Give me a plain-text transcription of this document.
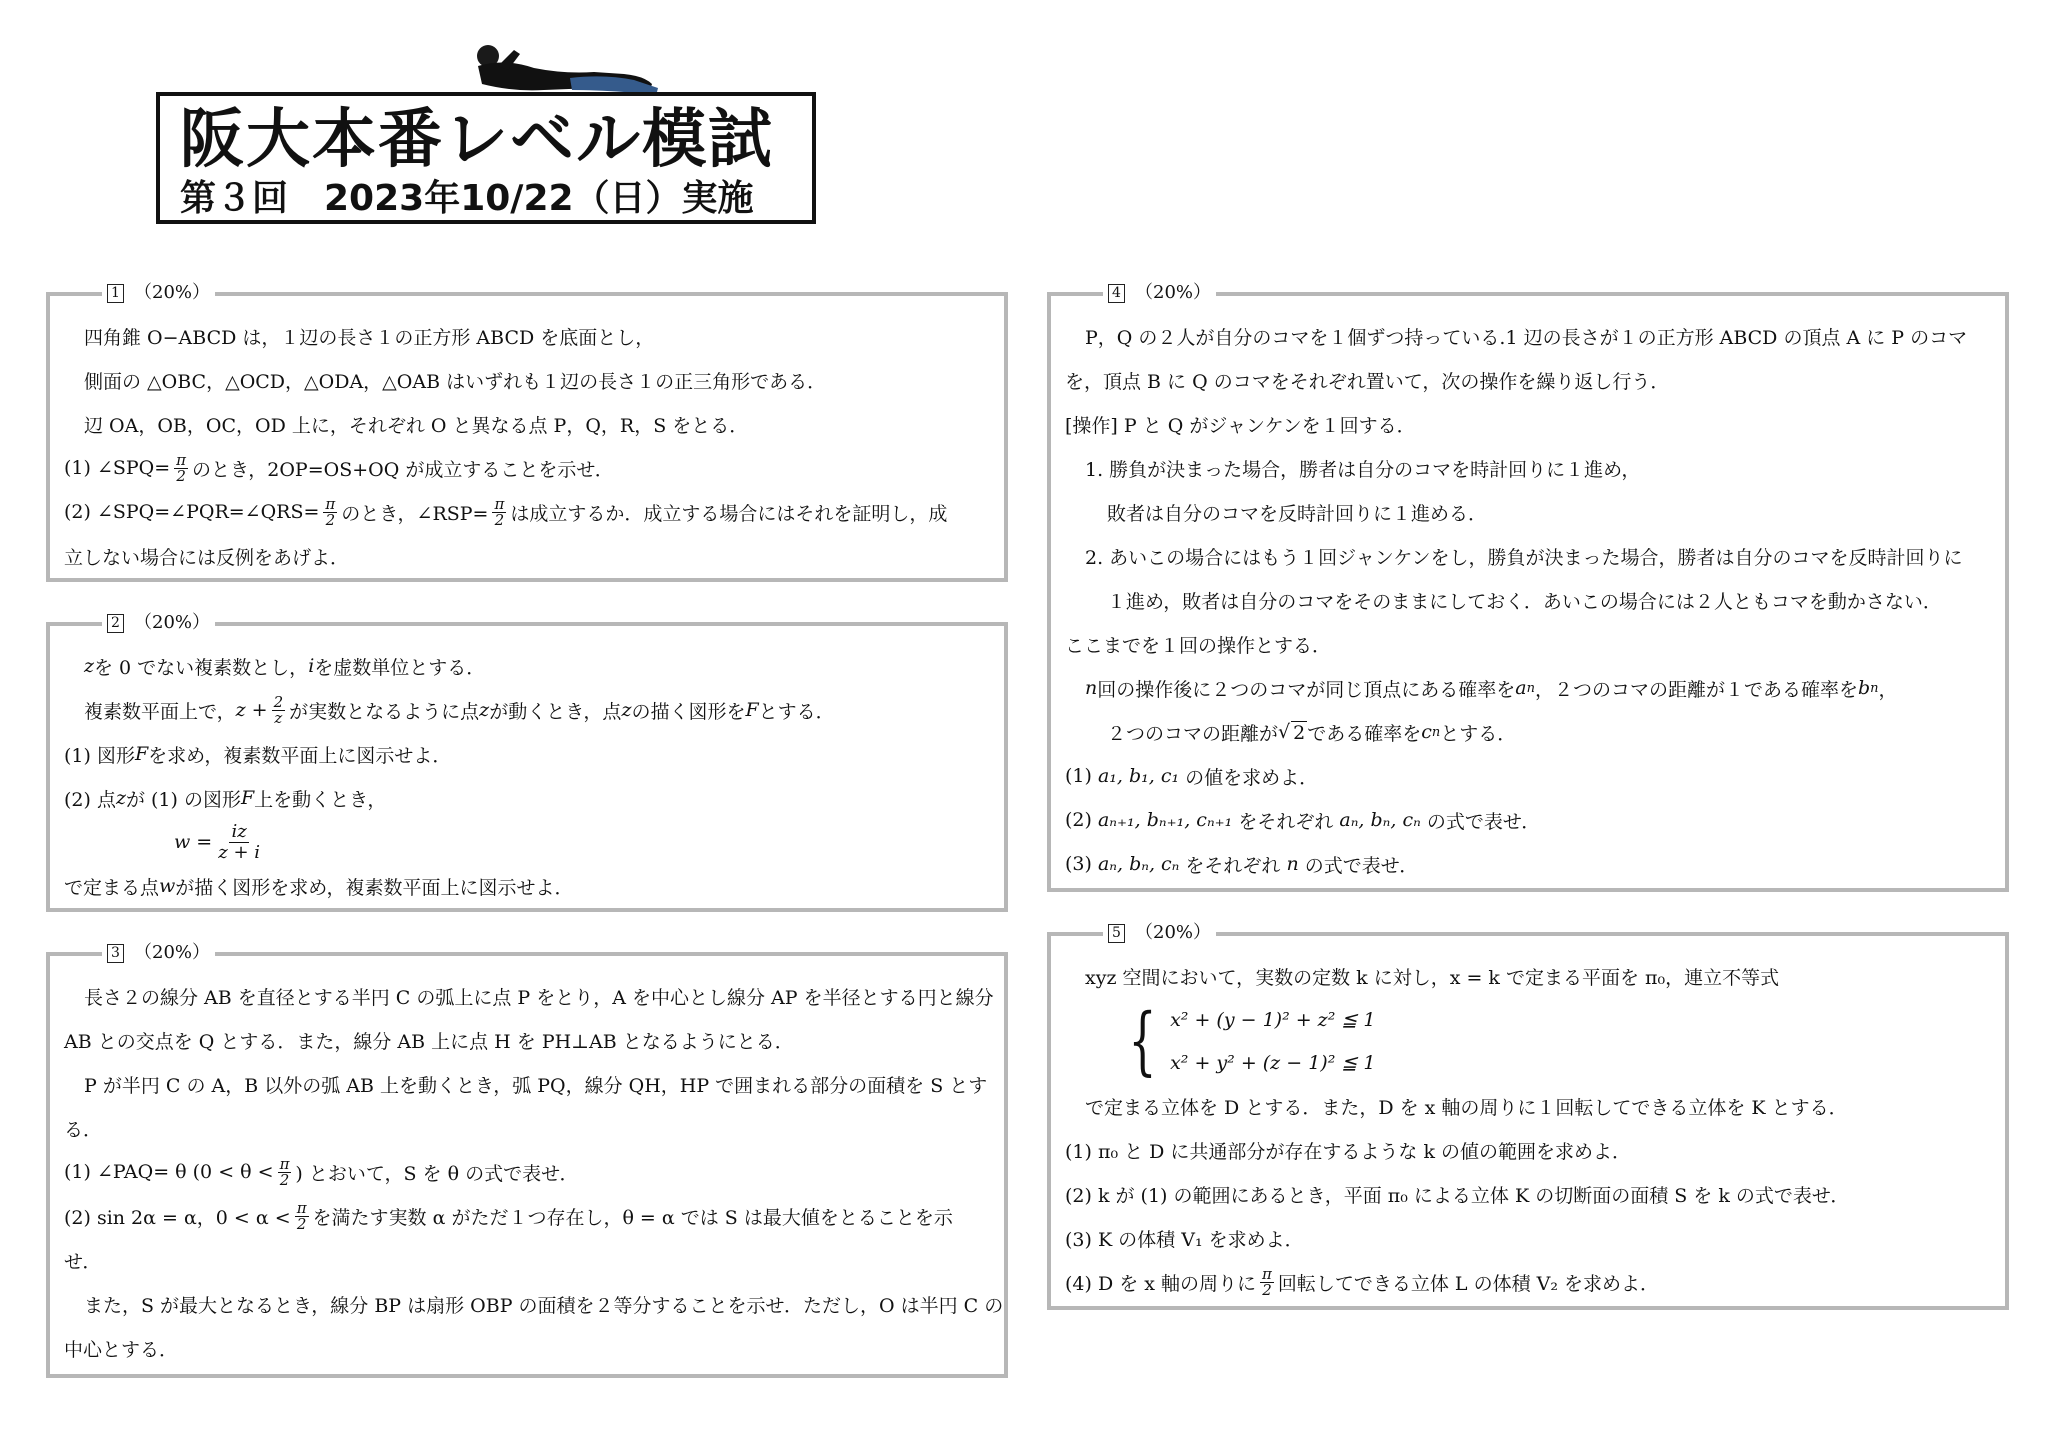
阪大本番レベル模試
第３回　2023年10/22（日）実施
1 （20%）
四角錐 O−ABCD は，１辺の長さ１の正方形 ABCD を底面とし，
側面の △OBC，△OCD，△ODA，△OAB はいずれも１辺の長さ１の正三角形である．
辺 OA，OB，OC，OD 上に，それぞれ O と異なる点 P，Q，R，S をとる．
(1) ∠SPQ= $\frac{\pi}{2}$ のとき，2OP=OS+OQ が成立することを示せ．
(2) ∠SPQ=∠PQR=∠QRS= $\frac{\pi}{2}$ のとき，∠RSP= $\frac{\pi}{2}$ は成立するか．成立する場合にはそれを証明し，成
立しない場合には反例をあげよ．
2 （20%）
z を 0 でない複素数とし， i を虚数単位とする．
複素数平面上で， $z + \frac{2}{z}$ が実数となるように点 z が動くとき，点 z の描く図形を F とする．
(1) 図形 F を求め，複素数平面上に図示せよ．
(2) 点 z が (1) の図形 F 上を動くとき，
$w = \frac{iz}{z + i}$
で定まる点 w が描く図形を求め，複素数平面上に図示せよ．
3 （20%）
長さ２の線分 AB を直径とする半円 C の弧上に点 P をとり，A を中心とし線分 AP を半径とする円と線分
AB との交点を Q とする．また，線分 AB 上に点 H を PH⊥AB となるようにとる．
P が半円 C の A，B 以外の弧 AB 上を動くとき，弧 PQ，線分 QH，HP で囲まれる部分の面積を S とす
る．
(1) ∠PAQ= θ ($0 < \theta < \frac{\pi}{2}$ ) とおいて，S を θ の式で表せ．
(2) sin 2α = α，$0 < \alpha < \frac{\pi}{2}$ を満たす実数 α がただ１つ存在し，θ = α では S は最大値をとることを示
せ．
また，S が最大となるとき，線分 BP は扇形 OBP の面積を２等分することを示せ．ただし，O は半円 C の
中心とする．
4 （20%）
P，Q の２人が自分のコマを１個ずつ持っている.1 辺の長さが１の正方形 ABCD の頂点 A に P のコマ
を，頂点 B に Q のコマをそれぞれ置いて，次の操作を繰り返し行う．
[操作] P と Q がジャンケンを１回する．
1. 勝負が決まった場合，勝者は自分のコマを時計回りに１進め，
敗者は自分のコマを反時計回りに１進める．
2. あいこの場合にはもう１回ジャンケンをし，勝負が決まった場合，勝者は自分のコマを反時計回りに
１進め，敗者は自分のコマをそのままにしておく．あいこの場合には２人ともコマを動かさない．
ここまでを１回の操作とする．
n 回の操作後に２つのコマが同じ頂点にある確率を a n ，２つのコマの距離が１である確率を b n ，
２つのコマの距離が √ 2 である確率を c n とする．
(1)
a₁, b₁, c₁
の値を求めよ．
(2)
aₙ₊₁, bₙ₊₁, cₙ₊₁
をそれぞれ
aₙ, bₙ, cₙ
の式で表せ．
(3)
aₙ, bₙ, cₙ
をそれぞれ
n
の式で表せ．
5 （20%）
xyz 空間において，実数の定数 k に対し，x = k で定まる平面を π₀，連立不等式
{ x² + (y − 1)² + z² ≦ 1
x² + y² + (z − 1)² ≦ 1
で定まる立体を D とする．また，D を x 軸の周りに１回転してできる立体を K とする．
(1) π₀ と D に共通部分が存在するような k の値の範囲を求めよ．
(2) k が (1) の範囲にあるとき，平面 π₀ による立体 K の切断面の面積 S を k の式で表せ．
(3) K の体積 V₁ を求めよ．
(4) D を x 軸の周りに $\frac{\pi}{2}$ 回転してできる立体 L の体積 V₂ を求めよ．
